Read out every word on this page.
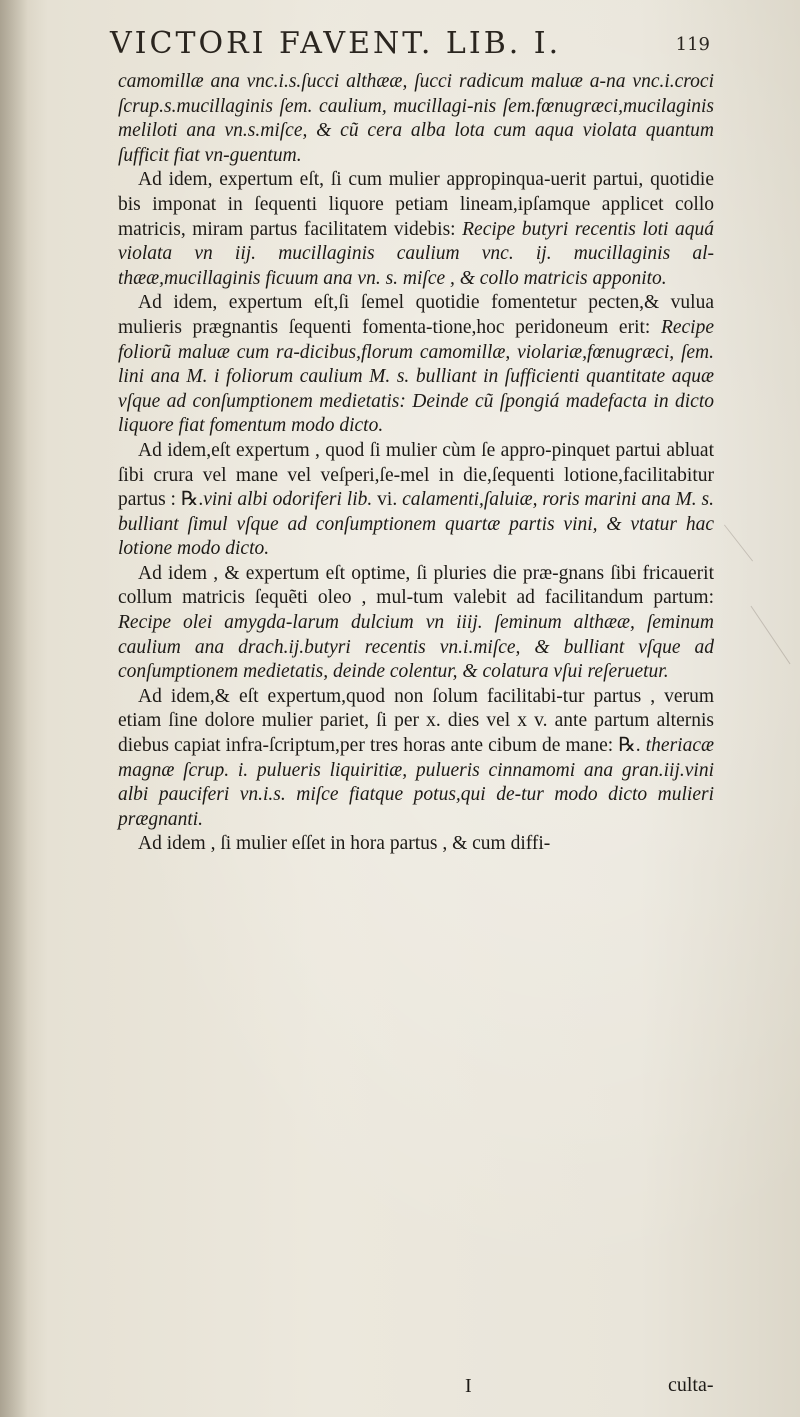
VICTORI FAVENT. LIB. I.	119

camomillæ ana vnc.i.s.ſucci althææ, ſucci radicum maluæ a-na vnc.i.croci ſcrup.s.mucillaginis ſem. caulium, mucillagi-nis ſem.fœnugræci,mucilaginis meliloti ana vn.s.miſce, & cũ cera alba lota cum aqua violata quantum ſufficit fiat vn-guentum.

Ad idem, expertum eſt, ſi cum mulier appropinqua-uerit partui, quotidie bis imponat in ſequenti liquore petiam lineam,ipſamque applicet collo matricis, miram partus facilitatem videbis: Recipe butyri recentis loti aquá violata vn iij. mucillaginis caulium vnc. ij. mucillaginis al-thææ,mucillaginis ficuum ana vn. s. miſce , & collo matricis apponito.

Ad idem, expertum eſt,ſi ſemel quotidie fomentetur pecten,& vulua mulieris prægnantis ſequenti fomenta-tione,hoc peridoneum erit: Recipe foliorũ maluæ cum ra-dicibus,florum camomillæ, violariæ,fœnugræci, ſem. lini ana M. i foliorum caulium M. s. bulliant in ſufficienti quantitate aquæ vſque ad conſumptionem medietatis: Deinde cũ ſpongiá madefacta in dicto liquore fiat fomentum modo dicto.

Ad idem,eſt expertum , quod ſi mulier cùm ſe appro-pinquet partui abluat ſibi crura vel mane vel veſperi,ſe-mel in die,ſequenti lotione,facilitabitur partus : ℞.vini albi odoriferi lib. vi. calamenti,ſaluiæ, roris marini ana M. s. bulliant ſimul vſque ad conſumptionem quartæ partis vini, & vtatur hac lotione modo dicto.

Ad idem , & expertum eſt optime, ſi pluries die præ-gnans ſibi fricauerit collum matricis ſequẽti oleo , mul-tum valebit ad facilitandum partum: Recipe olei amygda-larum dulcium vn iiij. ſeminum althææ, ſeminum caulium ana drach.ij.butyri recentis vn.i.miſce, & bulliant vſque ad conſumptionem medietatis, deinde colentur, & colatura vſui reſeruetur.

Ad idem,& eſt expertum,quod non ſolum facilitabi-tur partus , verum etiam ſine dolore mulier pariet, ſi per x. dies vel x v. ante partum alternis diebus capiat infra-ſcriptum,per tres horas ante cibum de mane: ℞. theriacæ magnæ ſcrup. i. pulueris liquiritiæ, pulueris cinnamomi ana gran.iij.vini albi pauciferi vn.i.s. miſce fiatque potus,qui de-tur modo dicto mulieri prægnanti.

Ad idem , ſi mulier eſſet in hora partus , & cum diffi-

I	culta-
